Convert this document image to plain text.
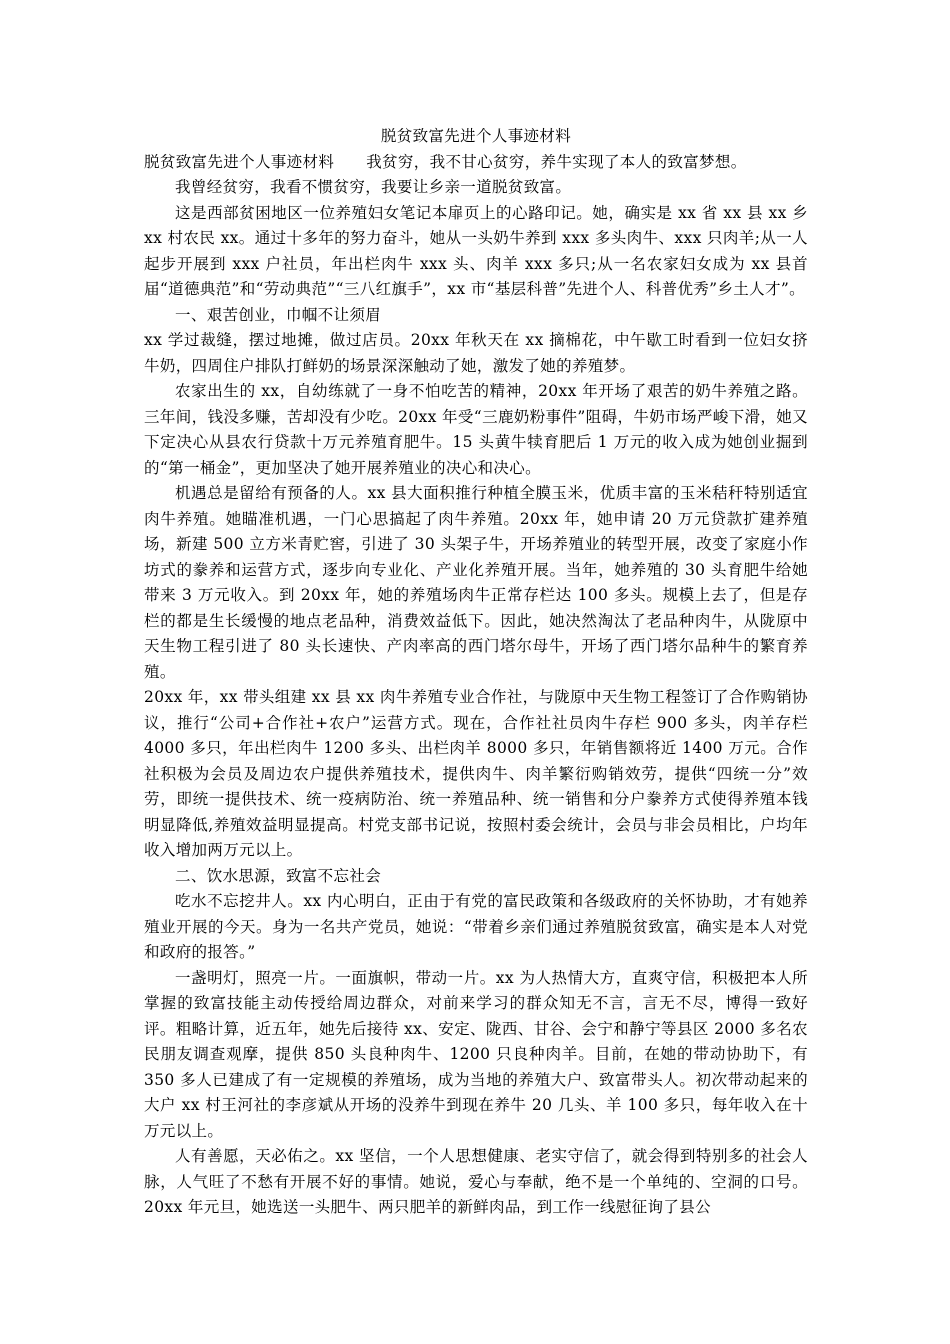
脱贫致富先进个人事迹材料

脱贫致富先进个人事迹材料 我贫穷，我不甘心贫穷，养牛实现了本人的致富梦想。

我曾经贫穷，我看不惯贫穷，我要让乡亲一道脱贫致富。

这是西部贫困地区一位养殖妇女笔记本扉页上的心路印记。她，确实是 xx 省 xx 县 xx 乡 xx 村农民 xx。通过十多年的努力奋斗，她从一头奶牛养到 xxx 多头肉牛、xxx 只肉羊;从一人起步开展到 xxx 户社员，年出栏肉牛 xxx 头、肉羊 xxx 多只;从一名农家妇女成为 xx 县首届“道德典范”和“劳动典范”“三八红旗手”，xx 市“基层科普”先进个人、科普优秀”乡土人才”。

一、艰苦创业，巾帼不让须眉

xx 学过裁缝，摆过地摊，做过店员。20xx 年秋天在 xx 摘棉花，中午歇工时看到一位妇女挤牛奶，四周住户排队打鲜奶的场景深深触动了她，激发了她的养殖梦。

农家出生的 xx，自幼练就了一身不怕吃苦的精神，20xx 年开场了艰苦的奶牛养殖之路。三年间，钱没多赚，苦却没有少吃。20xx 年受“三鹿奶粉事件”阻碍，牛奶市场严峻下滑，她又下定决心从县农行贷款十万元养殖育肥牛。15 头黄牛犊育肥后 1 万元的收入成为她创业掘到的“第一桶金”，更加坚决了她开展养殖业的决心和决心。

机遇总是留给有预备的人。xx 县大面积推行种植全膜玉米，优质丰富的玉米秸秆特别适宜肉牛养殖。她瞄准机遇，一门心思搞起了肉牛养殖。20xx 年，她申请 20 万元贷款扩建养殖场，新建 500 立方米青贮窖，引进了 30 头架子牛，开场养殖业的转型开展，改变了家庭小作坊式的豢养和运营方式，逐步向专业化、产业化养殖开展。当年，她养殖的 30 头育肥牛给她带来 3 万元收入。到 20xx 年，她的养殖场肉牛正常存栏达 100 多头。规模上去了，但是存栏的都是生长缓慢的地点老品种，消费效益低下。因此，她决然淘汰了老品种肉牛，从陇原中天生物工程引进了 80 头长速快、产肉率高的西门塔尔母牛，开场了西门塔尔品种牛的繁育养殖。

20xx 年，xx 带头组建 xx 县 xx 肉牛养殖专业合作社，与陇原中天生物工程签订了合作购销协议，推行“公司+合作社+农户”运营方式。现在，合作社社员肉牛存栏 900 多头，肉羊存栏 4000 多只，年出栏肉牛 1200 多头、出栏肉羊 8000 多只，年销售额将近 1400 万元。合作社积极为会员及周边农户提供养殖技术，提供肉牛、肉羊繁衍购销效劳，提供“四统一分”效劳，即统一提供技术、统一疫病防治、统一养殖品种、统一销售和分户豢养方式使得养殖本钱明显降低,养殖效益明显提高。村党支部书记说，按照村委会统计，会员与非会员相比，户均年收入增加两万元以上。

二、饮水思源，致富不忘社会

吃水不忘挖井人。xx 内心明白，正由于有党的富民政策和各级政府的关怀协助，才有她养殖业开展的今天。身为一名共产党员，她说：“带着乡亲们通过养殖脱贫致富，确实是本人对党和政府的报答。”

一盏明灯，照亮一片。一面旗帜，带动一片。xx 为人热情大方，直爽守信，积极把本人所掌握的致富技能主动传授给周边群众，对前来学习的群众知无不言，言无不尽，博得一致好评。粗略计算，近五年，她先后接待 xx、安定、陇西、甘谷、会宁和静宁等县区 2000 多名农民朋友调查观摩，提供 850 头良种肉牛、1200 只良种肉羊。目前，在她的带动协助下，有 350 多人已建成了有一定规模的养殖场，成为当地的养殖大户、致富带头人。初次带动起来的大户 xx 村王河社的李彦斌从开场的没养牛到现在养牛 20 几头、羊 100 多只，每年收入在十万元以上。

人有善愿，天必佑之。xx 坚信，一个人思想健康、老实守信了，就会得到特别多的社会人脉，人气旺了不愁有开展不好的事情。她说，爱心与奉献，绝不是一个单纯的、空洞的口号。20xx 年元旦，她选送一头肥牛、两只肥羊的新鲜肉品，到工作一线慰征询了县公
